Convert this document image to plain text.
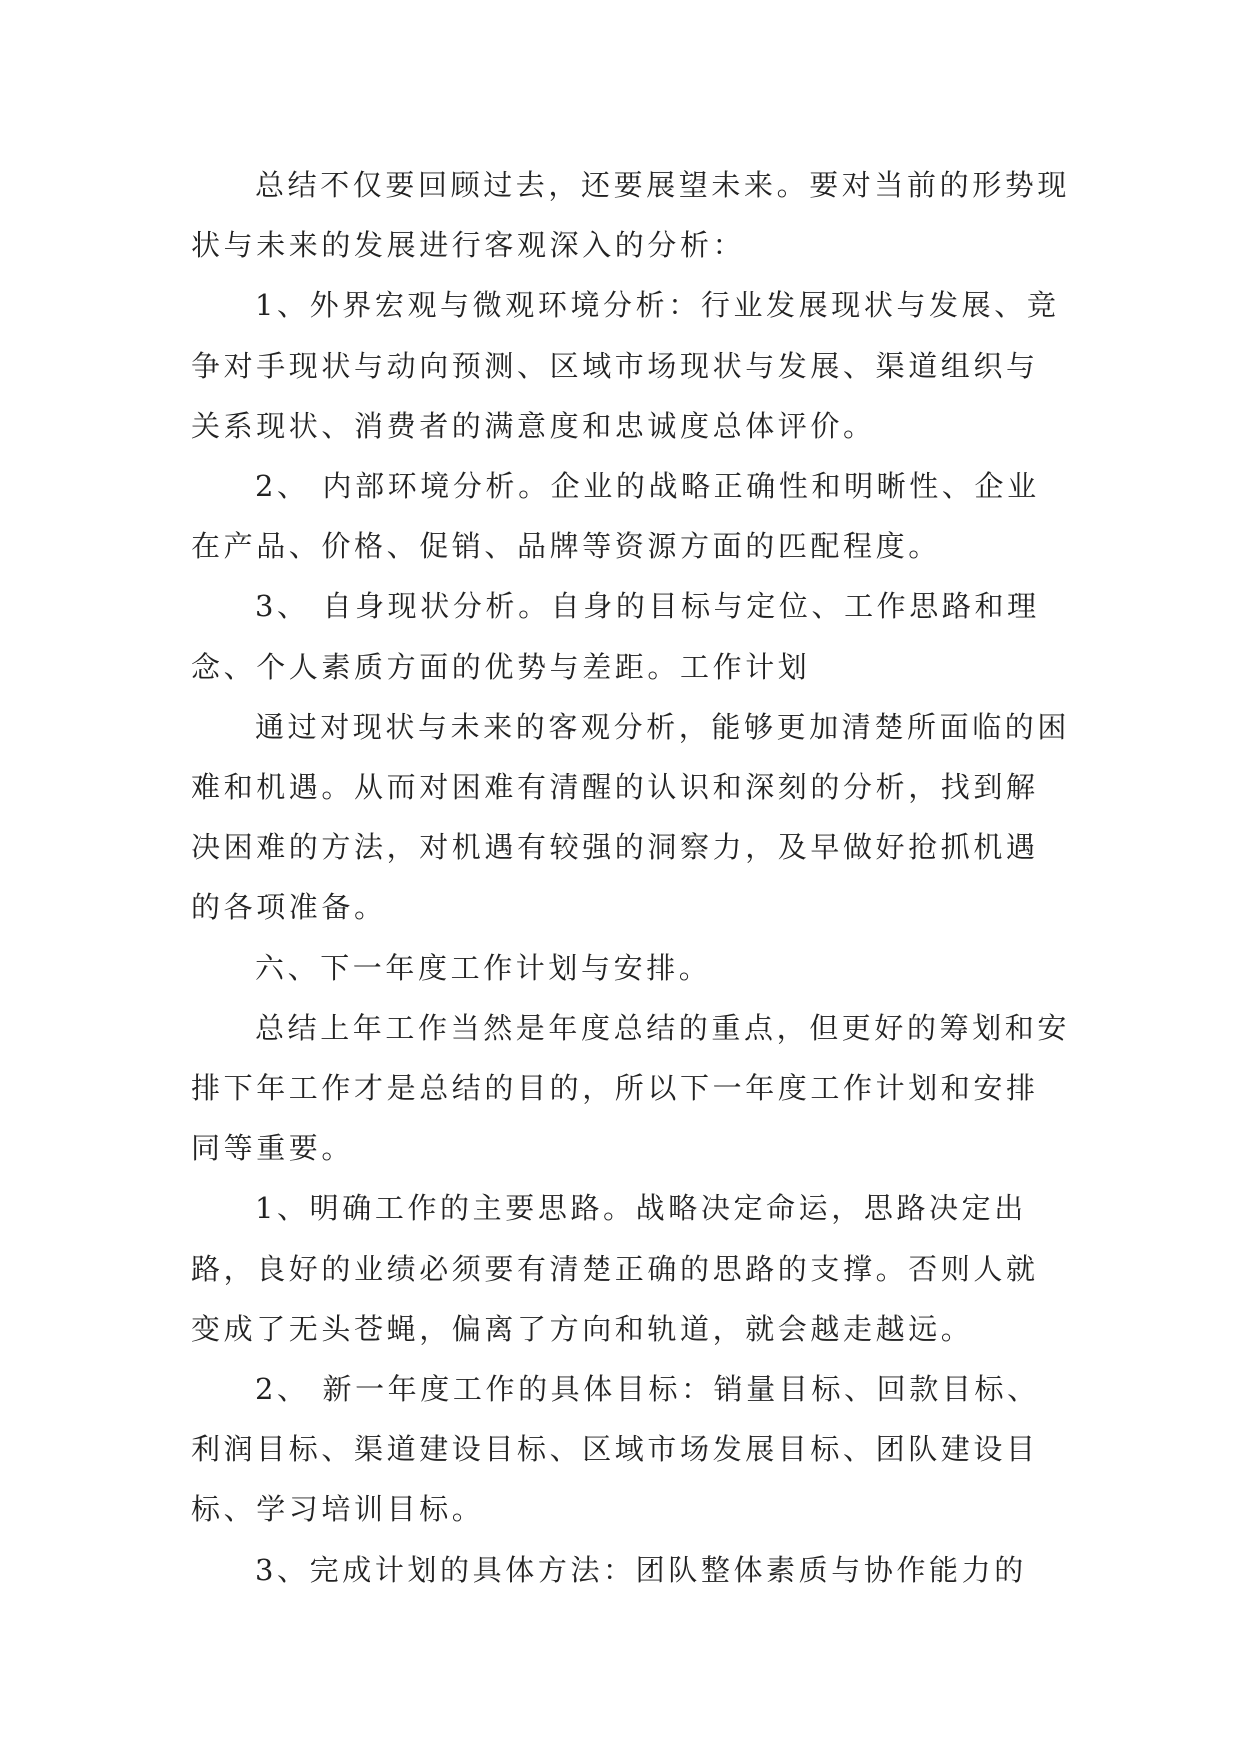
总结不仅要回顾过去，还要展望未来。要对当前的形势现状与未来的发展进行客观深入的分析：

1、外界宏观与微观环境分析：行业发展现状与发展、竞争对手现状与动向预测、区域市场现状与发展、渠道组织与关系现状、消费者的满意度和忠诚度总体评价。

2、 内部环境分析。企业的战略正确性和明晰性、企业在产品、价格、促销、品牌等资源方面的匹配程度。

3、 自身现状分析。自身的目标与定位、工作思路和理念、个人素质方面的优势与差距。工作计划

通过对现状与未来的客观分析，能够更加清楚所面临的困难和机遇。从而对困难有清醒的认识和深刻的分析，找到解决困难的方法，对机遇有较强的洞察力，及早做好抢抓机遇的各项准备。

六、下一年度工作计划与安排。

总结上年工作当然是年度总结的重点，但更好的筹划和安排下年工作才是总结的目的，所以下一年度工作计划和安排同等重要。

1、明确工作的主要思路。战略决定命运，思路决定出路，良好的业绩必须要有清楚正确的思路的支撑。否则人就变成了无头苍蝇，偏离了方向和轨道，就会越走越远。

2、 新一年度工作的具体目标：销量目标、回款目标、利润目标、渠道建设目标、区域市场发展目标、团队建设目标、学习培训目标。

3、完成计划的具体方法：团队整体素质与协作能力的
